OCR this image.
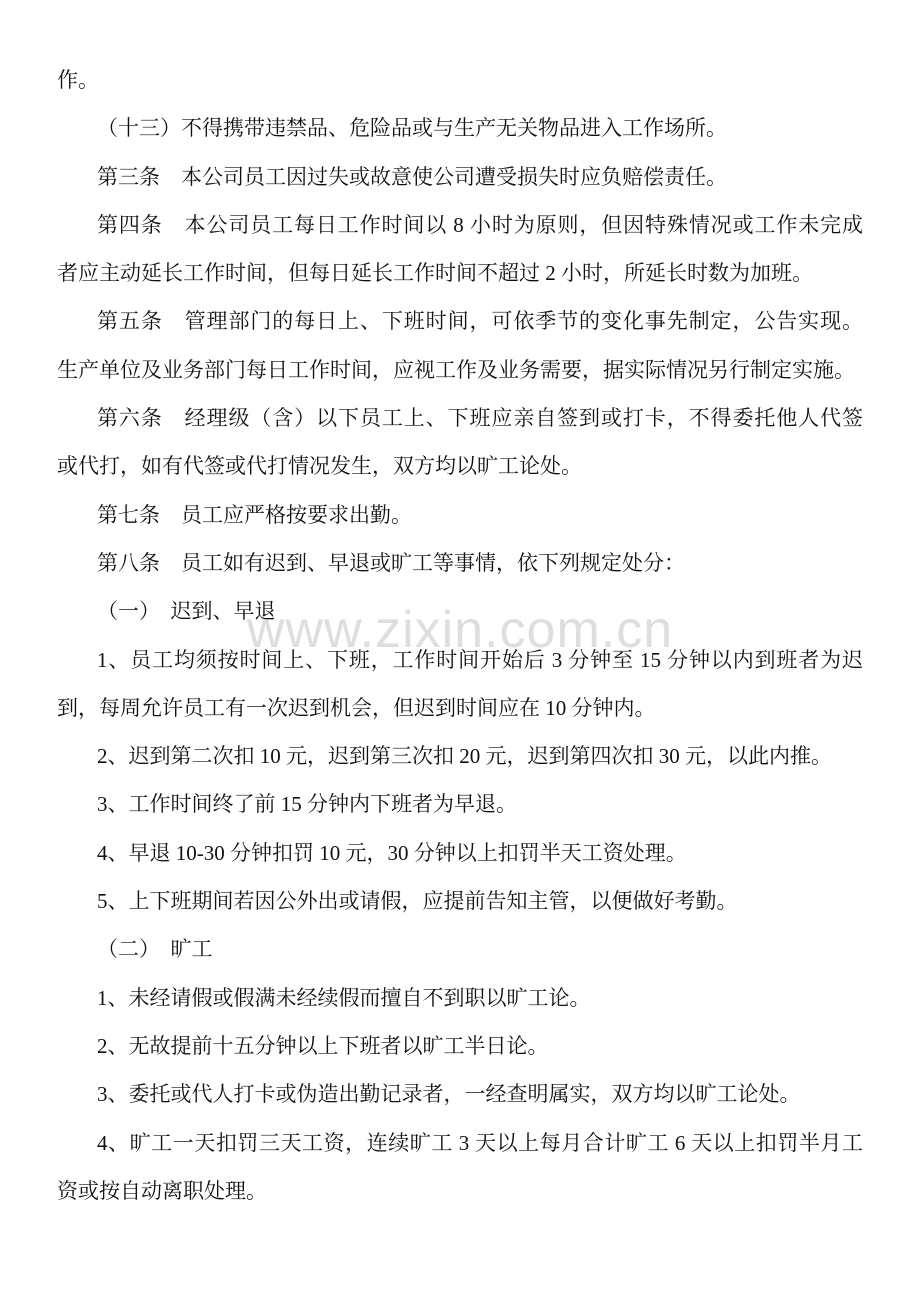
www.zixin.com.cn

作。

（十三）不得携带违禁品、危险品或与生产无关物品进入工作场所。

第三条　本公司员工因过失或故意使公司遭受损失时应负赔偿责任。

第四条　本公司员工每日工作时间以 8 小时为原则，但因特殊情况或工作未完成
者应主动延长工作时间，但每日延长工作时间不超过 2 小时，所延长时数为加班。

第五条　管理部门的每日上、下班时间，可依季节的变化事先制定，公告实现。
生产单位及业务部门每日工作时间，应视工作及业务需要，据实际情况另行制定实施。

第六条　经理级（含）以下员工上、下班应亲自签到或打卡，不得委托他人代签
或代打，如有代签或代打情况发生，双方均以旷工论处。

第七条　员工应严格按要求出勤。

第八条　员工如有迟到、早退或旷工等事情，依下列规定处分：

（一）　迟到、早退

1、员工均须按时间上、下班，工作时间开始后 3 分钟至 15 分钟以内到班者为迟
到，每周允许员工有一次迟到机会，但迟到时间应在 10 分钟内。

2、迟到第二次扣 10 元，迟到第三次扣 20 元，迟到第四次扣 30 元，以此内推。

3、工作时间终了前 15 分钟内下班者为早退。

4、早退 10-30 分钟扣罚 10 元，30 分钟以上扣罚半天工资处理。

5、上下班期间若因公外出或请假，应提前告知主管，以便做好考勤。

（二）　旷工

1、未经请假或假满未经续假而擅自不到职以旷工论。

2、无故提前十五分钟以上下班者以旷工半日论。

3、委托或代人打卡或伪造出勤记录者，一经查明属实，双方均以旷工论处。

4、旷工一天扣罚三天工资，连续旷工 3 天以上每月合计旷工 6 天以上扣罚半月工
资或按自动离职处理。
